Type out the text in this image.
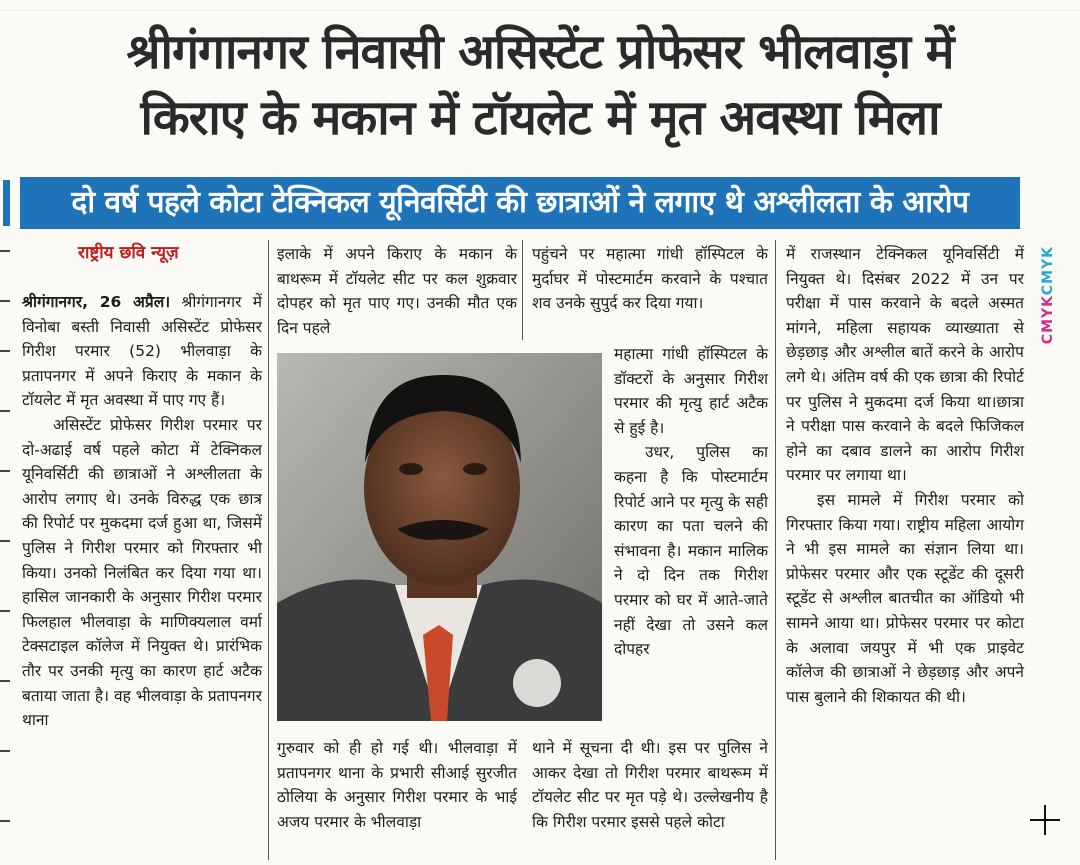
श्रीगंगानगर निवासी असिस्टेंट प्रोफेसर भीलवाड़ा में
किराए के मकान में टॉयलेट में मृत अवस्था मिला
दो वर्ष पहले कोटा टेक्निकल यूनिवर्सिटी की छात्राओं ने लगाए थे अश्लीलता के आरोप
राष्ट्रीय छवि न्यूज़

श्रीगंगानगर, 26 अप्रैल। श्रीगंगानगर में विनोबा बस्ती निवासी असिस्टेंट प्रोफेसर गिरीश परमार (52) भीलवाड़ा के प्रतापनगर में अपने किराए के मकान के टॉयलेट में मृत अवस्था में पाए गए हैं।

असिस्टेंट प्रोफेसर गिरीश परमार पर दो-अढाई वर्ष पहले कोटा में टेक्निकल यूनिवर्सिटी की छात्राओं ने अश्लीलता के आरोप लगाए थे। उनके विरुद्ध एक छात्र की रिपोर्ट पर मुकदमा दर्ज हुआ था, जिसमें पुलिस ने गिरीश परमार को गिरफ्तार भी किया। उनको निलंबित कर दिया गया था। हासिल जानकारी के अनुसार गिरीश परमार फिलहाल भीलवाड़ा के माणिक्यलाल वर्मा टेक्सटाइल कॉलेज में नियुक्त थे। प्रारंभिक तौर पर उनकी मृत्यु का कारण हार्ट अटैक बताया जाता है। वह भीलवाड़ा के प्रतापनगर थाना

इलाके में अपने किराए के मकान के बाथरूम में टॉयलेट सीट पर कल शुक्रवार दोपहर को मृत पाए गए। उनकी मौत एक दिन पहले

गुरुवार को ही हो गई थी। भीलवाड़ा में प्रतापनगर थाना के प्रभारी सीआई सुरजीत ठोलिया के अनुसार गिरीश परमार के भाई अजय परमार के भीलवाड़ा

पहुंचने पर महात्मा गांधी हॉस्पिटल के मुर्दाघर में पोस्टमार्टम करवाने के पश्चात शव उनके सुपुर्द कर दिया गया।

महात्मा गांधी हॉस्पिटल के डॉक्टरों के अनुसार गिरीश परमार की मृत्यु हार्ट अटैक से हुई है।

उधर, पुलिस का कहना है कि पोस्टमार्टम रिपोर्ट आने पर मृत्यु के सही कारण का पता चलने की संभावना है। मकान मालिक ने दो दिन तक गिरीश परमार को घर में आते-जाते नहीं देखा तो उसने कल दोपहर

थाने में सूचना दी थी। इस पर पुलिस ने आकर देखा तो गिरीश परमार बाथरूम में टॉयलेट सीट पर मृत पड़े थे। उल्लेखनीय है कि गिरीश परमार इससे पहले कोटा

में राजस्थान टेक्निकल यूनिवर्सिटी में नियुक्त थे। दिसंबर 2022 में उन पर परीक्षा में पास करवाने के बदले अस्मत मांगने, महिला सहायक व्याख्याता से छेड़छाड़ और अश्लील बातें करने के आरोप लगे थे। अंतिम वर्ष की एक छात्रा की रिपोर्ट पर पुलिस ने मुकदमा दर्ज किया था।छात्रा ने परीक्षा पास करवाने के बदले फिजिकल होने का दबाव डालने का आरोप गिरीश परमार पर लगाया था।

इस मामले में गिरीश परमार को गिरफ्तार किया गया। राष्ट्रीय महिला आयोग ने भी इस मामले का संज्ञान लिया था। प्रोफेसर परमार और एक स्टूडेंट की दूसरी स्टूडेंट से अश्लील बातचीत का ऑडियो भी सामने आया था। प्रोफेसर परमार पर कोटा के अलावा जयपुर में भी एक प्राइवेट कॉलेज की छात्राओं ने छेड़छाड़ और अपने पास बुलाने की शिकायत की थी।

CMYK
CMYK
